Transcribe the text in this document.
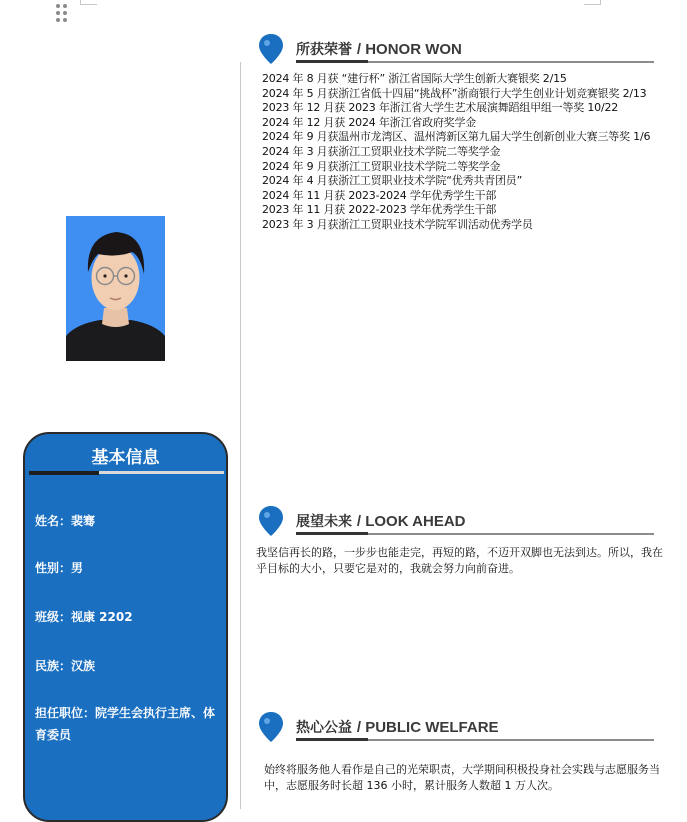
所获荣誉 / HONOR WON
2024 年 8 月获 “建行杯” 浙江省国际大学生创新大赛银奖 2/15
2024 年 5 月获浙江省低十四届“挑战杯”浙商银行大学生创业计划竞赛银奖 2/13
2023 年 12 月获 2023 年浙江省大学生艺术展演舞蹈组甲组一等奖 10/22
2024 年 12 月获 2024 年浙江省政府奖学金
2024 年 9 月获温州市龙湾区、温州湾新区第九届大学生创新创业大赛三等奖 1/6
2024 年 3 月获浙江工贸职业技术学院二等奖学金
2024 年 9 月获浙江工贸职业技术学院二等奖学金
2024 年 4 月获浙江工贸职业技术学院“优秀共青团员”
2024 年 11 月获 2023-2024 学年优秀学生干部
2023 年 11 月获 2022-2023 学年优秀学生干部
2023 年 3 月获浙江工贸职业技术学院军训活动优秀学员
展望未来 / LOOK AHEAD
我坚信再长的路，一步步也能走完，再短的路，不迈开双脚也无法到达。所以，我在乎目标的大小，只要它是对的，我就会努力向前奋进。
热心公益 / PUBLIC WELFARE
始终将服务他人看作是自己的光荣职责，大学期间积极投身社会实践与志愿服务当中，志愿服务时长超 136 小时，累计服务人数超 1 万人次。
基本信息
姓名：裴骞
性别：男
班级：视康 2202
民族：汉族
担任职位：院学生会执行主席、体育委员
